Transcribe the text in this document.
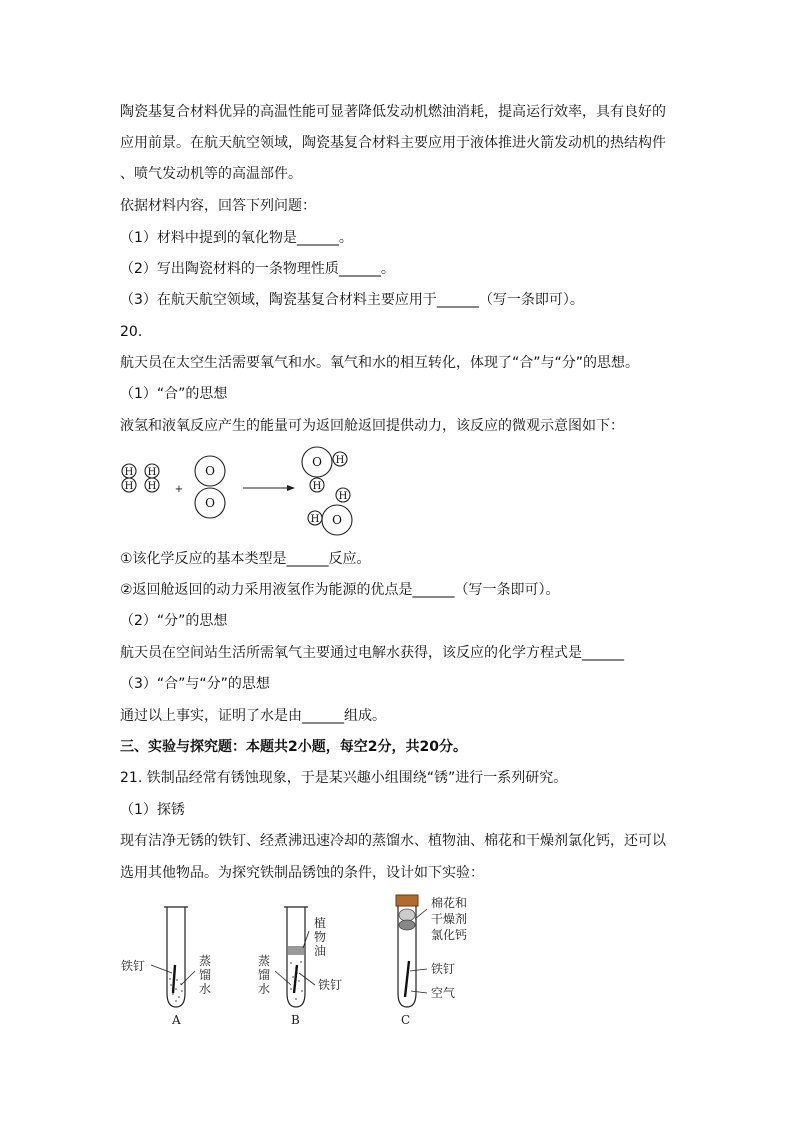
陶瓷基复合材料优异的高温性能可显著降低发动机燃油消耗，提高运行效率，具有良好的
应用前景。在航天航空领域，陶瓷基复合材料主要应用于液体推进火箭发动机的热结构件
、喷气发动机等的高温部件。
依据材料内容，回答下列问题：
（1）材料中提到的氧化物是______。
（2）写出陶瓷材料的一条物理性质______。
（3）在航天航空领域，陶瓷基复合材料主要应用于______（写一条即可）。
20.
航天员在太空生活需要氧气和水。氧气和水的相互转化，体现了“合”与“分”的思想。
（1）“合”的思想
液氢和液氧反应产生的能量可为返回舱返回提供动力，该反应的微观示意图如下：
H
H
H
H +
O
O
O H
H
H
H O
①该化学反应的基本类型是______反应。
②返回舱返回的动力采用液氢作为能源的优点是______（写一条即可）。
（2）“分”的思想
航天员在空间站生活所需氧气主要通过电解水获得，该反应的化学方程式是______
（3）“合”与“分”的思想
通过以上事实，证明了水是由______组成。
三、实验与探究题：本题共2小题，每空2分，共20分。
21. 铁制品经常有锈蚀现象，于是某兴趣小组围绕“锈”进行一系列研究。
（1）探锈
现有洁净无锈的铁钉、经煮沸迅速冷却的蒸馏水、植物油、棉花和干燥剂氯化钙，还可以
选用其他物品。为探究铁制品锈蚀的条件，设计如下实验：
铁钉	蒸
馏
水
A
植
物
油
蒸
馏
水	铁钉
B
棉花和
干燥剂
氯化钙
铁钉
空气
C
